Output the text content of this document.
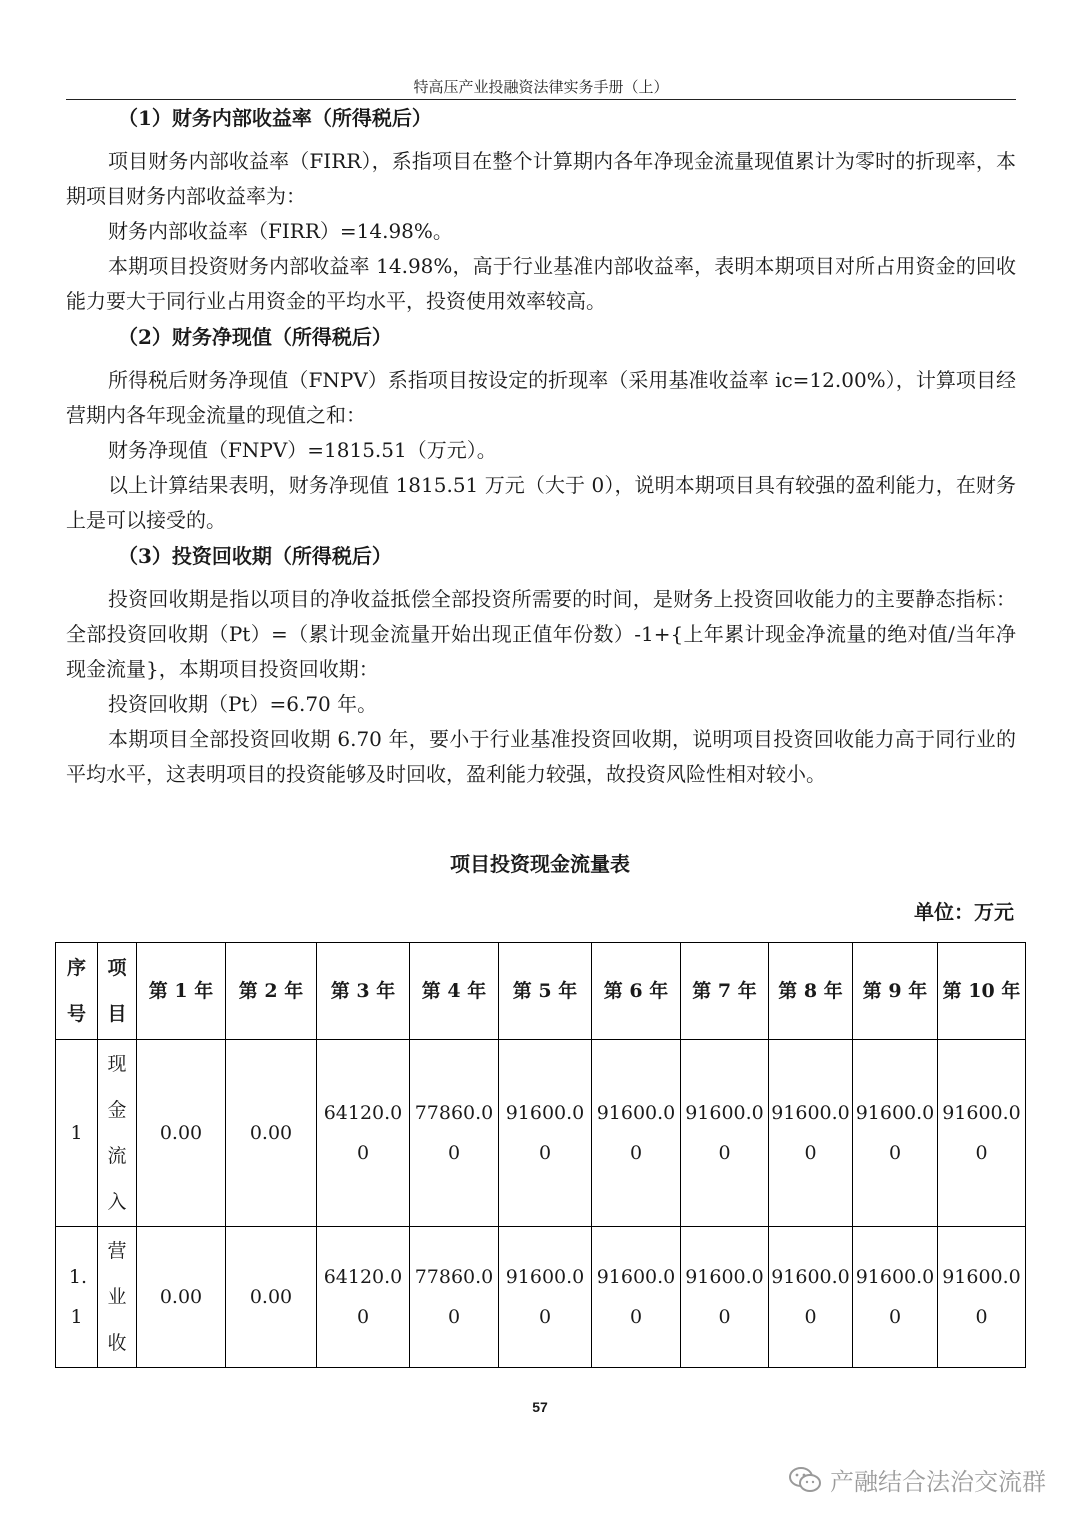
特高压产业投融资法律实务手册（上）

（1）财务内部收益率（所得税后）

项目财务内部收益率（FIRR），系指项目在整个计算期内各年净现金流量现值累计为零时的折现率，本期项目财务内部收益率为：

财务内部收益率（FIRR）=14.98%。

本期项目投资财务内部收益率 14.98%，高于行业基准内部收益率，表明本期项目对所占用资金的回收能力要大于同行业占用资金的平均水平，投资使用效率较高。

（2）财务净现值（所得税后）

所得税后财务净现值（FNPV）系指项目按设定的折现率（采用基准收益率 ic=12.00%），计算项目经营期内各年现金流量的现值之和：

财务净现值（FNPV）=1815.51（万元）。

以上计算结果表明，财务净现值 1815.51 万元（大于 0），说明本期项目具有较强的盈利能力，在财务上是可以接受的。

（3）投资回收期（所得税后）

投资回收期是指以项目的净收益抵偿全部投资所需要的时间，是财务上投资回收能力的主要静态指标：全部投资回收期（Pt）=（累计现金流量开始出现正值年份数）-1+{上年累计现金净流量的绝对值/当年净现金流量}，本期项目投资回收期：

投资回收期（Pt）=6.70 年。

本期项目全部投资回收期 6.70 年，要小于行业基准投资回收期，说明项目投资回收能力高于同行业的平均水平，这表明项目的投资能够及时回收，盈利能力较强，故投资风险性相对较小。

项目投资现金流量表
单位：万元
序号	项目	第 1 年	第 2 年	第 3 年	第 4 年	第 5 年	第 6 年	第 7 年	第 8 年	第 9 年	第 10 年
1	现金流入	0.00	0.00	64120.00	77860.00	91600.00	91600.00	91600.00	91600.00	91600.00	91600.00

1.1	营业收	0.00	0.00	64120.00	77860.00	91600.00	91600.00	91600.00	91600.00	91600.00	91600.00
57
产融结合法治交流群
